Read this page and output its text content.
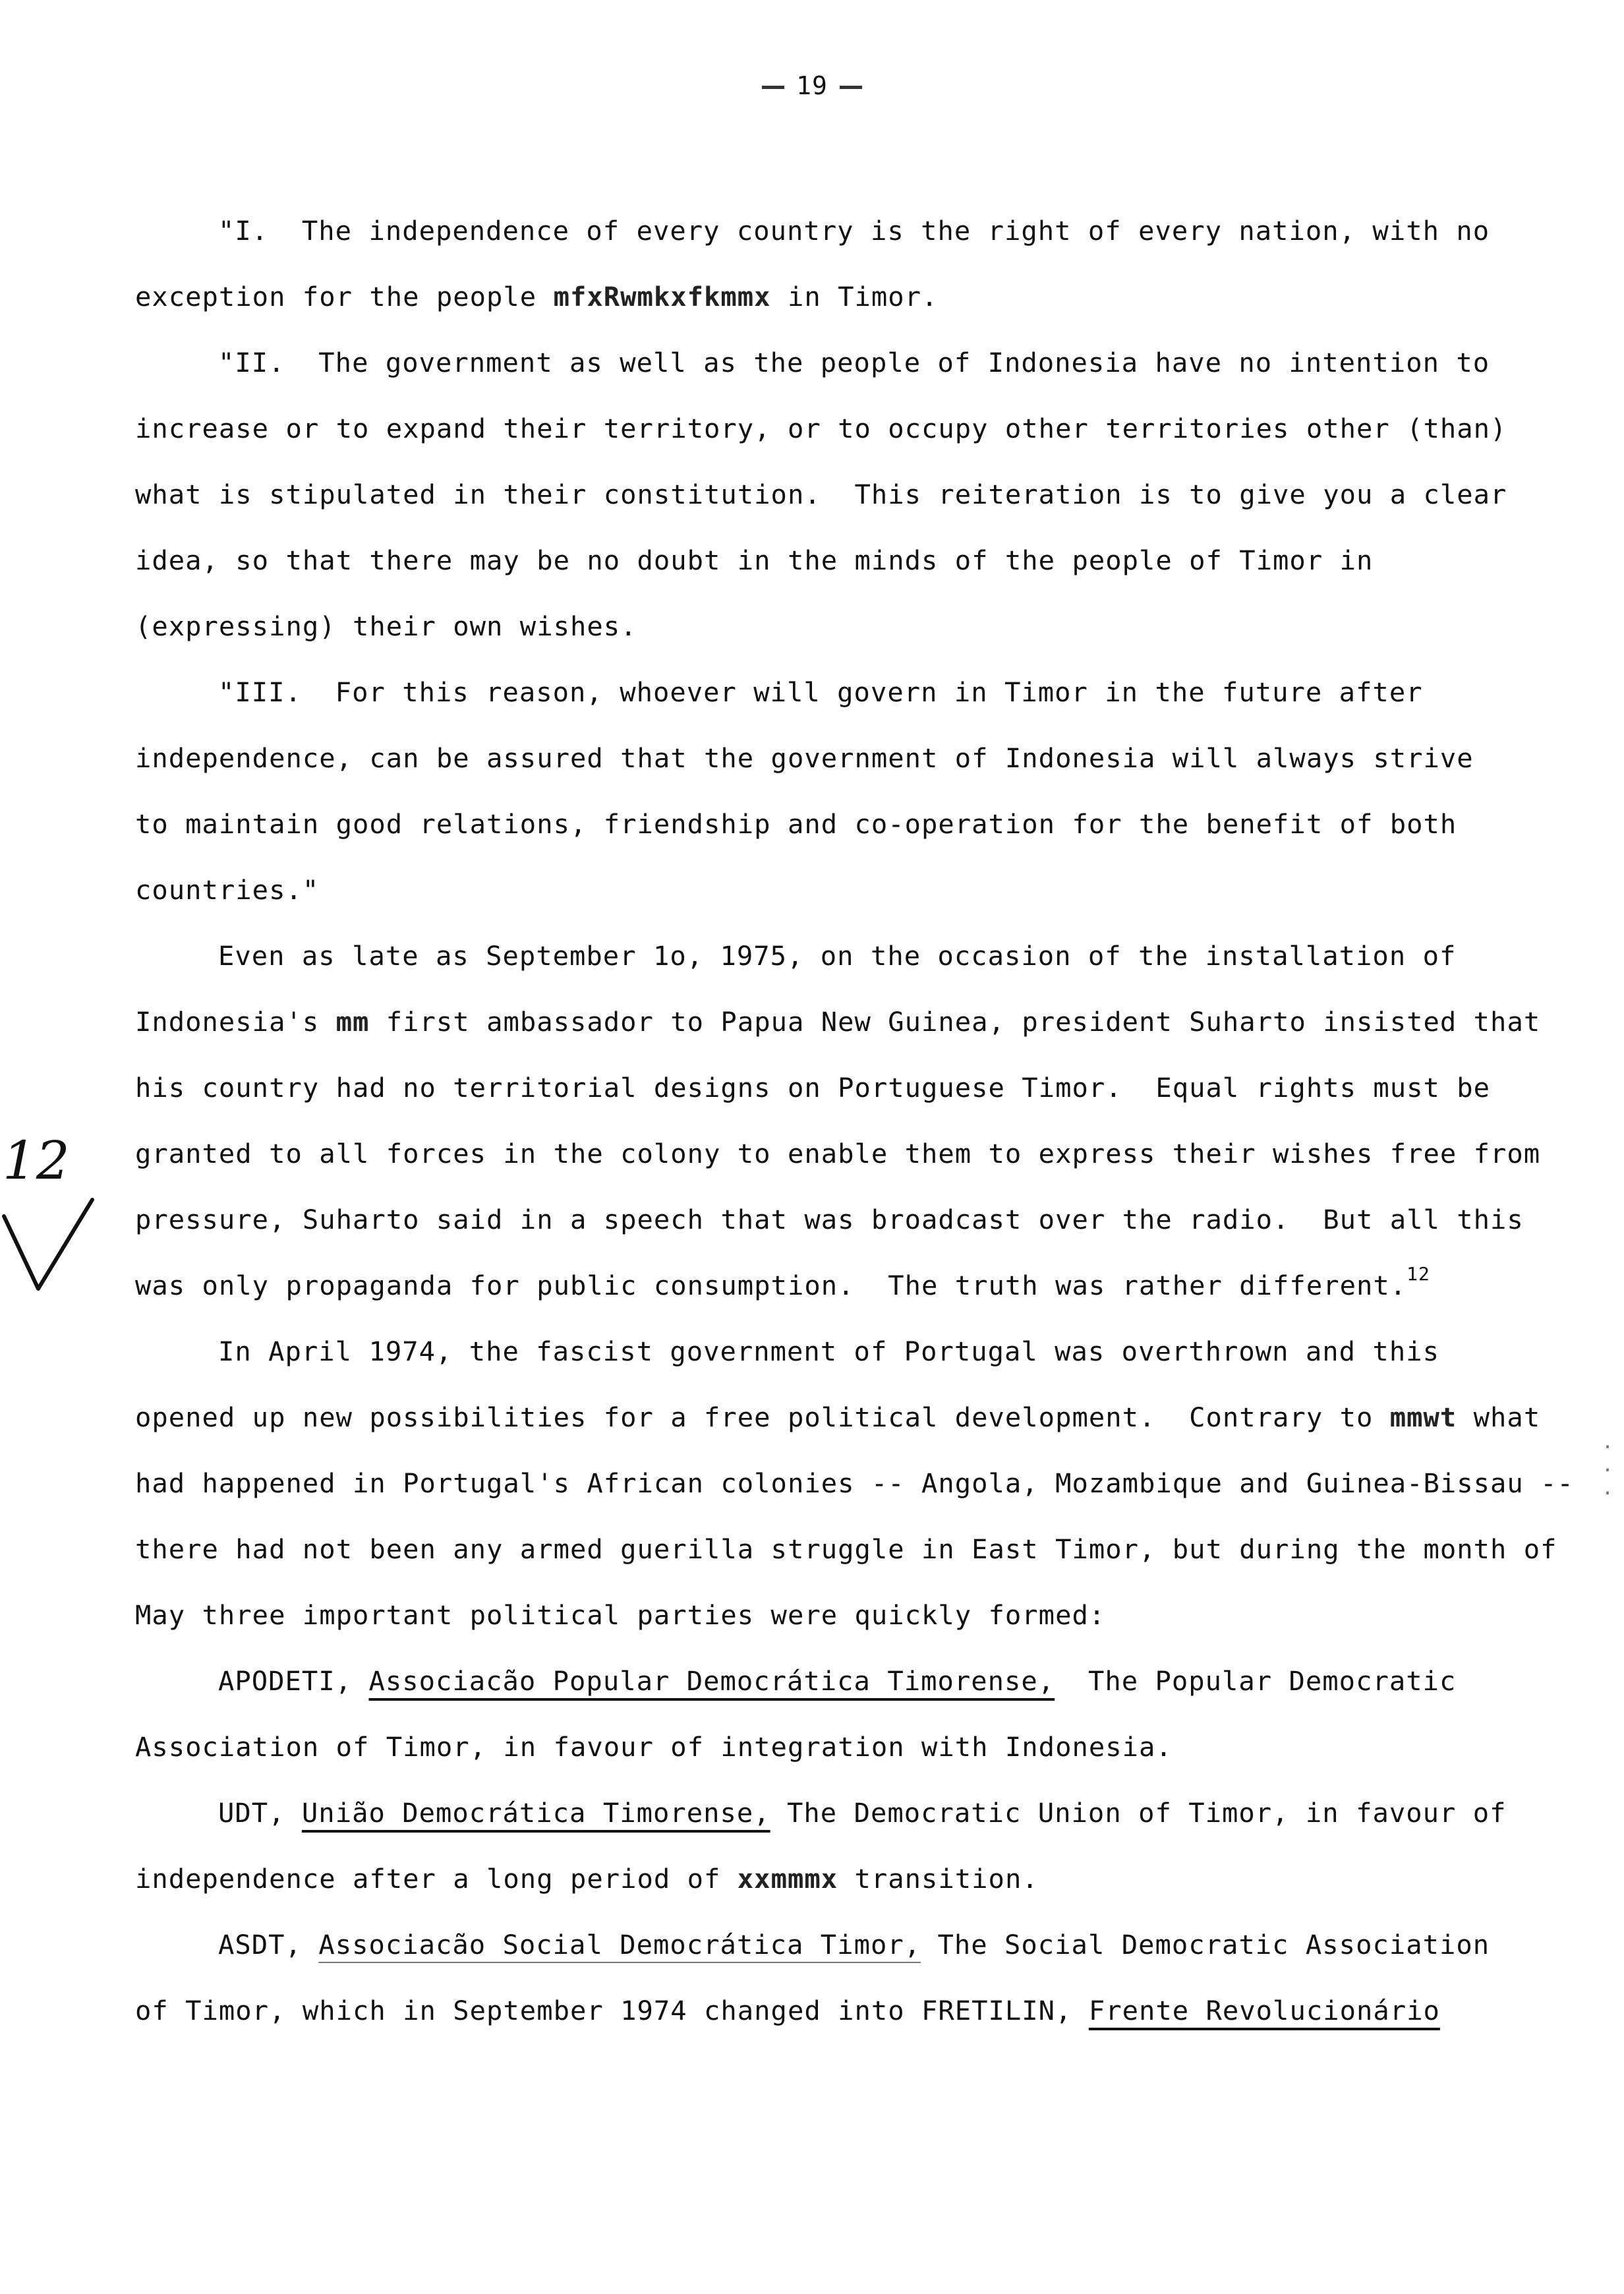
19
12
. . .
"I.  The independence of every country is the right of every nation, with no
exception for the people mfxRwmkxfkmmx in Timor.
"II.  The government as well as the people of Indonesia have no intention to
increase or to expand their territory, or to occupy other territories other (than)
what is stipulated in their constitution.  This reiteration is to give you a clear
idea, so that there may be no doubt in the minds of the people of Timor in
(expressing) their own wishes.
"III.  For this reason, whoever will govern in Timor in the future after
independence, can be assured that the government of Indonesia will always strive
to maintain good relations, friendship and co-operation for the benefit of both
countries."
Even as late as September 1o, 1975, on the occasion of the installation of
Indonesia's mm first ambassador to Papua New Guinea, president Suharto insisted that
his country had no territorial designs on Portuguese Timor.  Equal rights must be
granted to all forces in the colony to enable them to express their wishes free from
pressure, Suharto said in a speech that was broadcast over the radio.  But all this
was only propaganda for public consumption.  The truth was rather different.$^{12}$
In April 1974, the fascist government of Portugal was overthrown and this
opened up new possibilities for a free political development.  Contrary to mmwt what
had happened in Portugal's African colonies -- Angola, Mozambique and Guinea-Bissau --
there had not been any armed guerilla struggle in East Timor, but during the month of
May three important political parties were quickly formed:
APODETI, Associacão Popular Democrática Timorense,  The Popular Democratic
Association of Timor, in favour of integration with Indonesia.
UDT, União Democrática Timorense, The Democratic Union of Timor, in favour of
independence after a long period of xxmmmx transition.
ASDT, Associacão Social Democrática Timor, The Social Democratic Association
of Timor, which in September 1974 changed into FRETILIN, Frente Revolucionário
